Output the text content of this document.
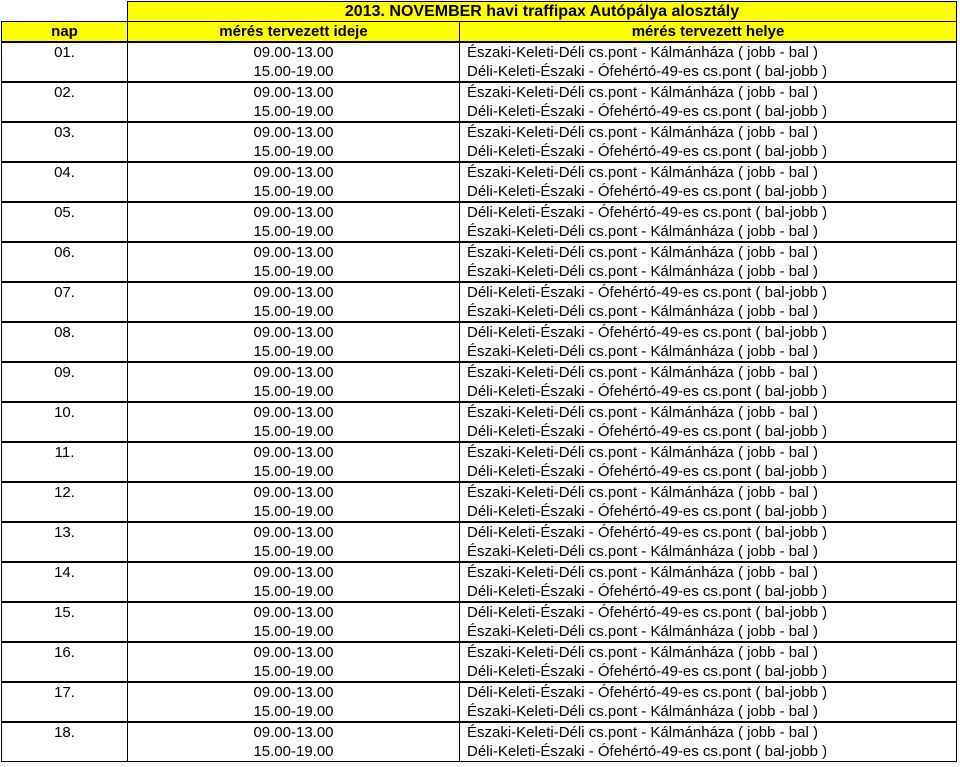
	2013. NOVEMBER havi traffipax Autópálya alosztály	
nap	mérés tervezett ideje	mérés tervezett helye
01.	09.00-13.00	Északi-Keleti-Déli cs.pont - Kálmánháza ( jobb - bal )
	15.00-19.00	Déli-Keleti-Északi - Ófehértó-49-es cs.pont ( bal-jobb )
02.	09.00-13.00	Északi-Keleti-Déli cs.pont - Kálmánháza ( jobb - bal )
	15.00-19.00	Déli-Keleti-Északi - Ófehértó-49-es cs.pont ( bal-jobb )
03.	09.00-13.00	Északi-Keleti-Déli cs.pont - Kálmánháza ( jobb - bal )
	15.00-19.00	Déli-Keleti-Északi - Ófehértó-49-es cs.pont ( bal-jobb )
04.	09.00-13.00	Északi-Keleti-Déli cs.pont - Kálmánháza ( jobb - bal )
	15.00-19.00	Déli-Keleti-Északi - Ófehértó-49-es cs.pont ( bal-jobb )
05.	09.00-13.00	Déli-Keleti-Északi - Ófehértó-49-es cs.pont ( bal-jobb )
	15.00-19.00	Északi-Keleti-Déli cs.pont - Kálmánháza ( jobb - bal )
06.	09.00-13.00	Északi-Keleti-Déli cs.pont - Kálmánháza ( jobb - bal )
	15.00-19.00	Északi-Keleti-Déli cs.pont - Kálmánháza ( jobb - bal )
07.	09.00-13.00	Déli-Keleti-Északi - Ófehértó-49-es cs.pont ( bal-jobb )
	15.00-19.00	Északi-Keleti-Déli cs.pont - Kálmánháza ( jobb - bal )
08.	09.00-13.00	Déli-Keleti-Északi - Ófehértó-49-es cs.pont ( bal-jobb )
	15.00-19.00	Északi-Keleti-Déli cs.pont - Kálmánháza ( jobb - bal )
09.	09.00-13.00	Északi-Keleti-Déli cs.pont - Kálmánháza ( jobb - bal )
	15.00-19.00	Déli-Keleti-Északi - Ófehértó-49-es cs.pont ( bal-jobb )
10.	09.00-13.00	Északi-Keleti-Déli cs.pont - Kálmánháza ( jobb - bal )
	15.00-19.00	Déli-Keleti-Északi - Ófehértó-49-es cs.pont ( bal-jobb )
11.	09.00-13.00	Északi-Keleti-Déli cs.pont - Kálmánháza ( jobb - bal )
	15.00-19.00	Déli-Keleti-Északi - Ófehértó-49-es cs.pont ( bal-jobb )
12.	09.00-13.00	Északi-Keleti-Déli cs.pont - Kálmánháza ( jobb - bal )
	15.00-19.00	Déli-Keleti-Északi - Ófehértó-49-es cs.pont ( bal-jobb )
13.	09.00-13.00	Déli-Keleti-Északi - Ófehértó-49-es cs.pont ( bal-jobb )
	15.00-19.00	Északi-Keleti-Déli cs.pont - Kálmánháza ( jobb - bal )
14.	09.00-13.00	Északi-Keleti-Déli cs.pont - Kálmánháza ( jobb - bal )
	15.00-19.00	Déli-Keleti-Északi - Ófehértó-49-es cs.pont ( bal-jobb )
15.	09.00-13.00	Déli-Keleti-Északi - Ófehértó-49-es cs.pont ( bal-jobb )
	15.00-19.00	Északi-Keleti-Déli cs.pont - Kálmánháza ( jobb - bal )
16.	09.00-13.00	Északi-Keleti-Déli cs.pont - Kálmánháza ( jobb - bal )
	15.00-19.00	Déli-Keleti-Északi - Ófehértó-49-es cs.pont ( bal-jobb )
17.	09.00-13.00	Déli-Keleti-Északi - Ófehértó-49-es cs.pont ( bal-jobb )
	15.00-19.00	Északi-Keleti-Déli cs.pont - Kálmánháza ( jobb - bal )
18.	09.00-13.00	Északi-Keleti-Déli cs.pont - Kálmánháza ( jobb - bal )
	15.00-19.00	Déli-Keleti-Északi - Ófehértó-49-es cs.pont ( bal-jobb )
